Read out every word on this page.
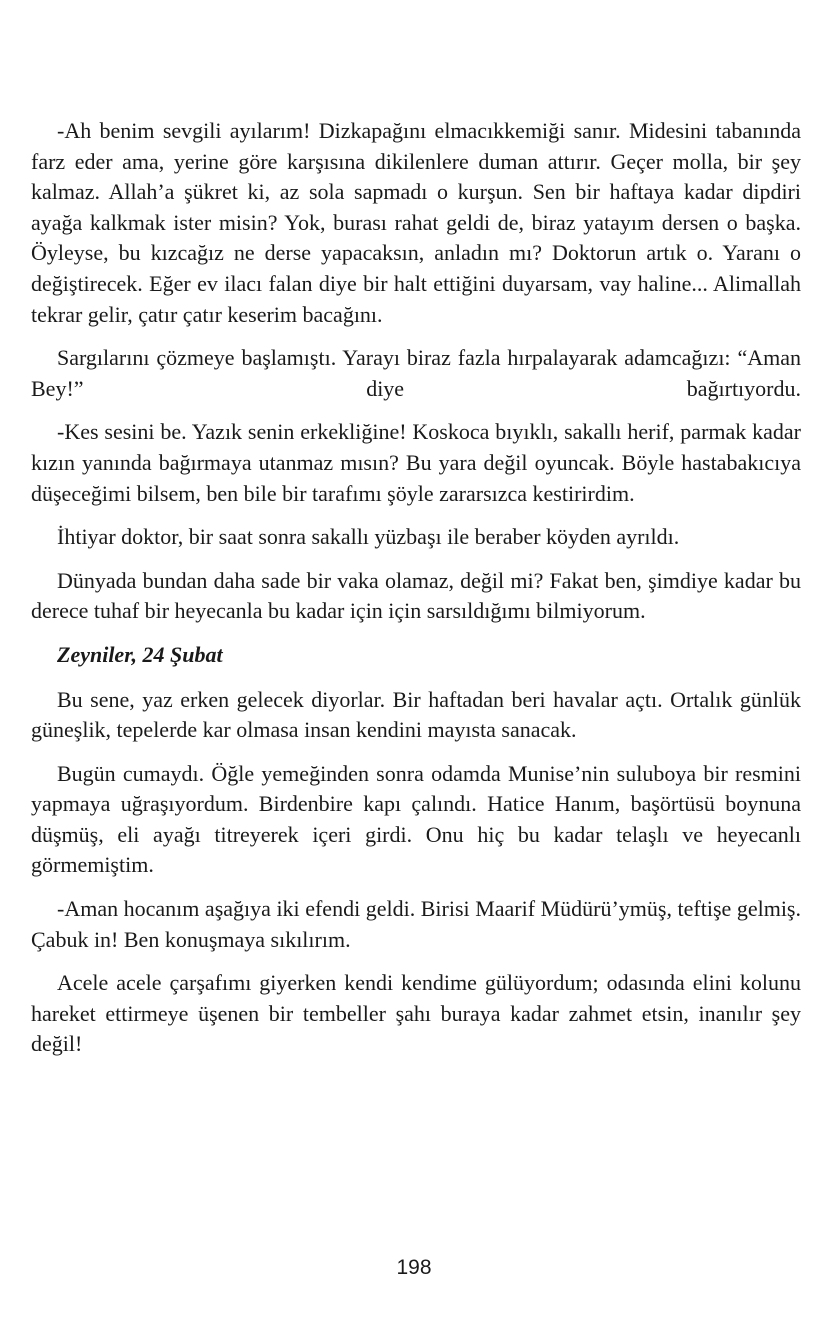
-Ah benim sevgili ayılarım! Dizkapağını elmacıkkemiği sanır. Midesini tabanında farz eder ama, yerine göre karşısına dikilenlere duman attırır. Geçer molla, bir şey kalmaz. Allah’a şükret ki, az sola sapmadı o kurşun. Sen bir haftaya kadar dipdiri ayağa kalkmak ister misin? Yok, burası rahat geldi de, biraz yatayım dersen o başka. Öyleyse, bu kızcağız ne derse yapacaksın, anladın mı? Doktorun artık o. Yaranı o değiştirecek. Eğer ev ilacı falan diye bir halt ettiğini duyarsam, vay haline... Alimallah tekrar gelir, çatır çatır keserim bacağını.

Sargılarını çözmeye başlamıştı. Yarayı biraz fazla hırpalayarak adamcağızı: “Aman Bey!” diye bağırtıyordu.

-Kes sesini be. Yazık senin erkekliğine! Koskoca bıyıklı, sakallı herif, parmak kadar kızın yanında bağırmaya utanmaz mısın? Bu yara değil oyuncak. Böyle hastabakıcıya düşeceğimi bilsem, ben bile bir tarafımı şöyle zararsızca kestirirdim.

İhtiyar doktor, bir saat sonra sakallı yüzbaşı ile beraber köyden ayrıldı.

Dünyada bundan daha sade bir vaka olamaz, değil mi? Fakat ben, şimdiye kadar bu derece tuhaf bir heyecanla bu kadar için için sarsıldığımı bilmiyorum.

Zeyniler, 24 Şubat

Bu sene, yaz erken gelecek diyorlar. Bir haftadan beri havalar açtı. Ortalık günlük güneşlik, tepelerde kar olmasa insan kendini mayısta sanacak.

Bugün cumaydı. Öğle yemeğinden sonra odamda Munise’nin suluboya bir resmini yapmaya uğraşıyordum. Birdenbire kapı çalındı. Hatice Hanım, başörtüsü boynuna düşmüş, eli ayağı titreyerek içeri girdi. Onu hiç bu kadar telaşlı ve heyecanlı görmemiştim.

-Aman hocanım aşağıya iki efendi geldi. Birisi Maarif Müdürü’ymüş, teftişe gelmiş. Çabuk in! Ben konuşmaya sıkılırım.

Acele acele çarşafımı giyerken kendi kendime gülüyordum; odasında elini kolunu hareket ettirmeye üşenen bir tembeller şahı buraya kadar zahmet etsin, inanılır şey değil!

198
